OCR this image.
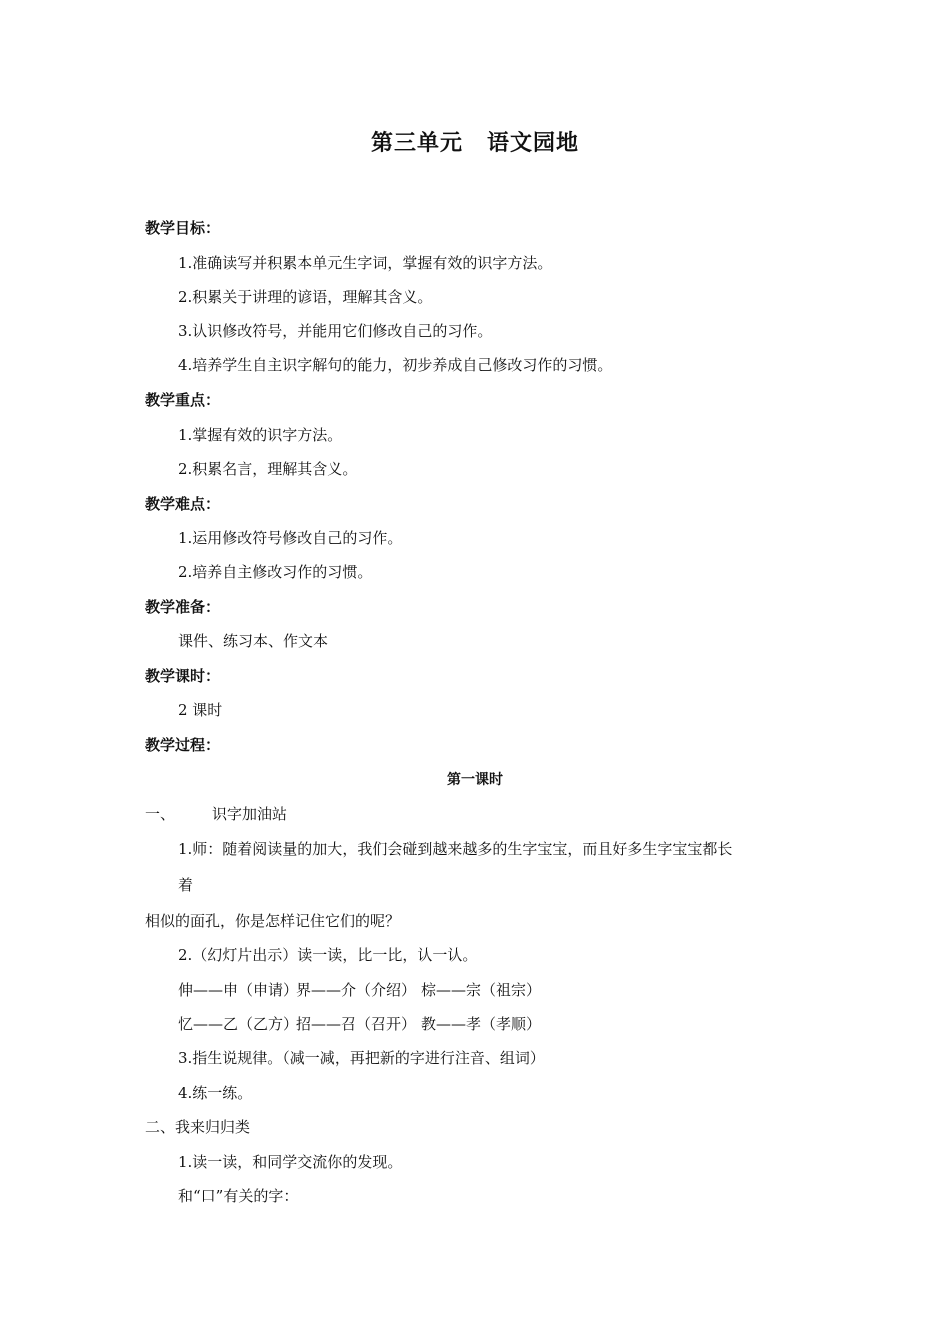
第三单元 语文园地
教学目标：
1.准确读写并积累本单元生字词，掌握有效的识字方法。
2.积累关于讲理的谚语，理解其含义。
3.认识修改符号，并能用它们修改自己的习作。
4.培养学生自主识字解句的能力，初步养成自己修改习作的习惯。
教学重点：
1.掌握有效的识字方法。
2.积累名言，理解其含义。
教学难点：
1.运用修改符号修改自己的习作。
2.培养自主修改习作的习惯。
教学准备：
课件、练习本、作文本
教学课时：
2 课时
教学过程：
第一课时
一、 识字加油站
1.师：随着阅读量的加大，我们会碰到越来越多的生字宝宝，而且好多生字宝宝都长
着
相似的面孔，你是怎样记住它们的呢？
2.（幻灯片出示）读一读，比一比，认一认。
伸——申（申请）界——介（介绍） 棕——宗（祖宗）
忆——乙（乙方）招——召（召开） 教——孝（孝顺）
3.指生说规律。（减一减，再把新的字进行注音、组词）
4.练一练。
二、我来归归类
1.读一读，和同学交流你的发现。
和“口”有关的字：
